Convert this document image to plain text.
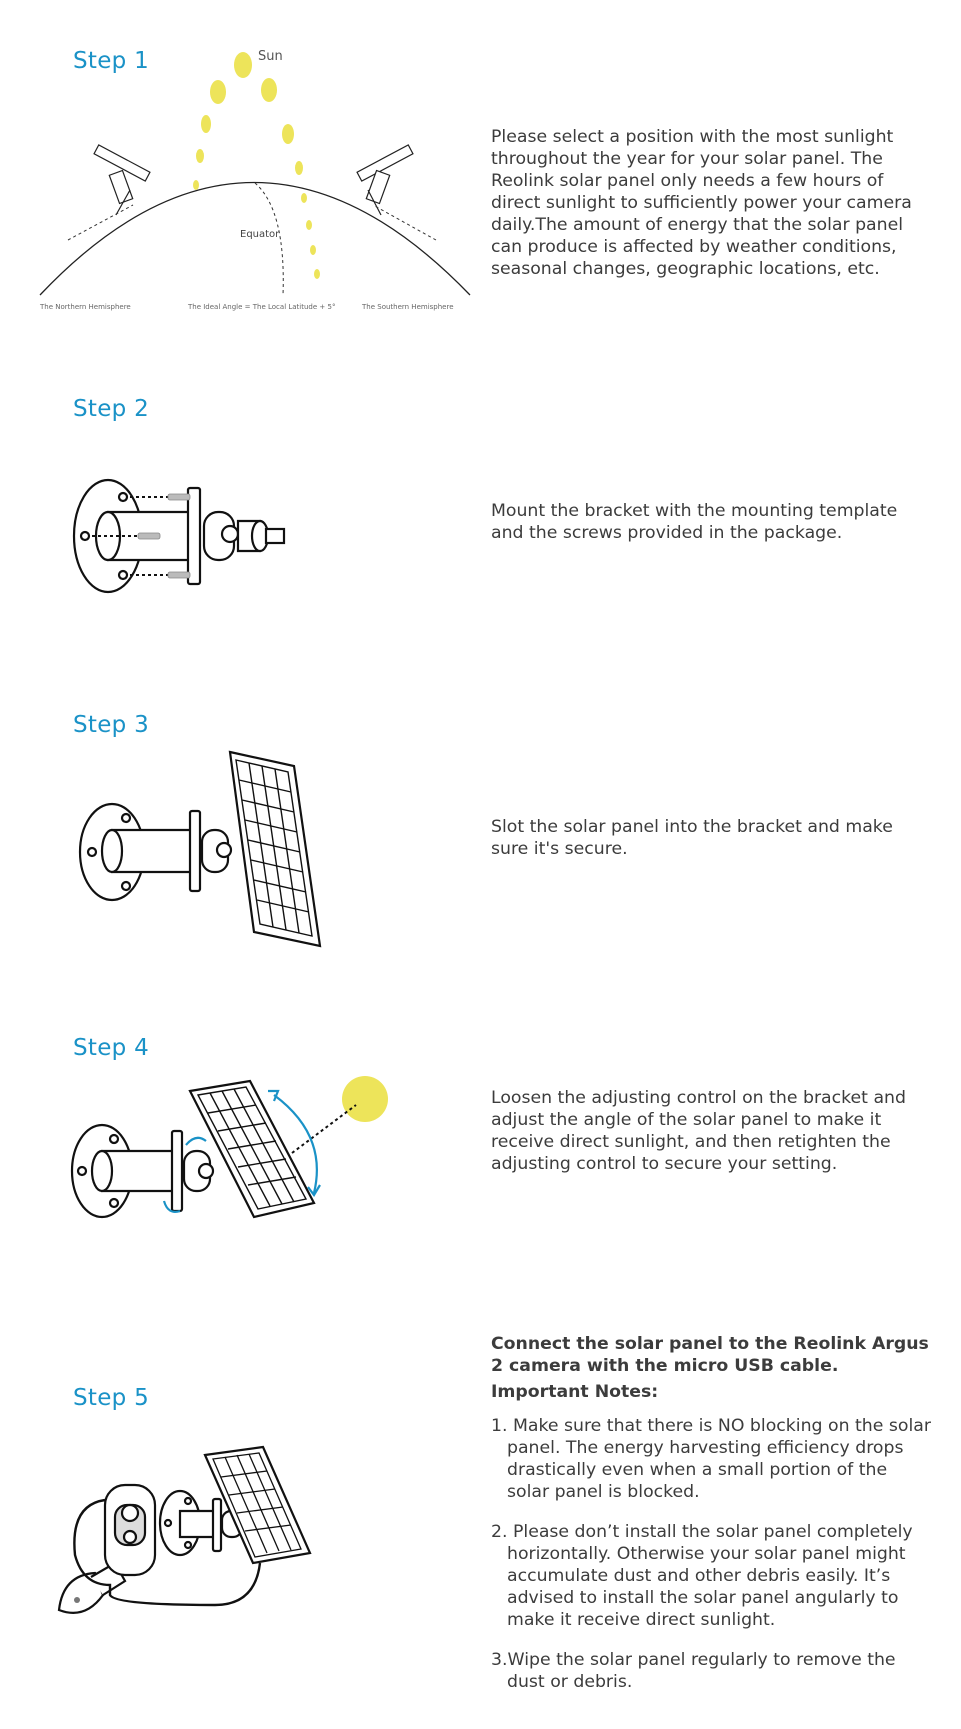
Step 1	Sun
Equator
The Northern Hemisphere	The Ideal Angle = The Local Latitude + 5°	The Southern Hemisphere
Please select a position with the most sunlight throughout the year for your solar panel. The Reolink solar panel only needs a few hours of direct sunlight to sufficiently power your camera daily.The amount of energy that the solar panel can produce is affected by weather conditions, seasonal changes, geographic locations, etc.
Step 2
Mount the bracket with the mounting template and the screws provided in the package.
Step 3
Slot the solar panel into the bracket and make sure it's secure.
Step 4
Loosen the adjusting control on the bracket and adjust the angle of the solar panel to make it receive direct sunlight, and then retighten the adjusting control to secure your setting.
Step 5
Connect the solar panel to the Reolink Argus 2 camera with the micro USB cable.
Important Notes:
1. Make sure that there is NO blocking on the solar panel. The energy harvesting efficiency drops drastically even when a small portion of the solar panel is blocked.
2. Please don’t install the solar panel completely horizontally. Otherwise your solar panel might accumulate dust and other debris easily. It’s advised to install the solar panel angularly to make it receive direct sunlight.
3.Wipe the solar panel regularly to remove the dust or debris.
